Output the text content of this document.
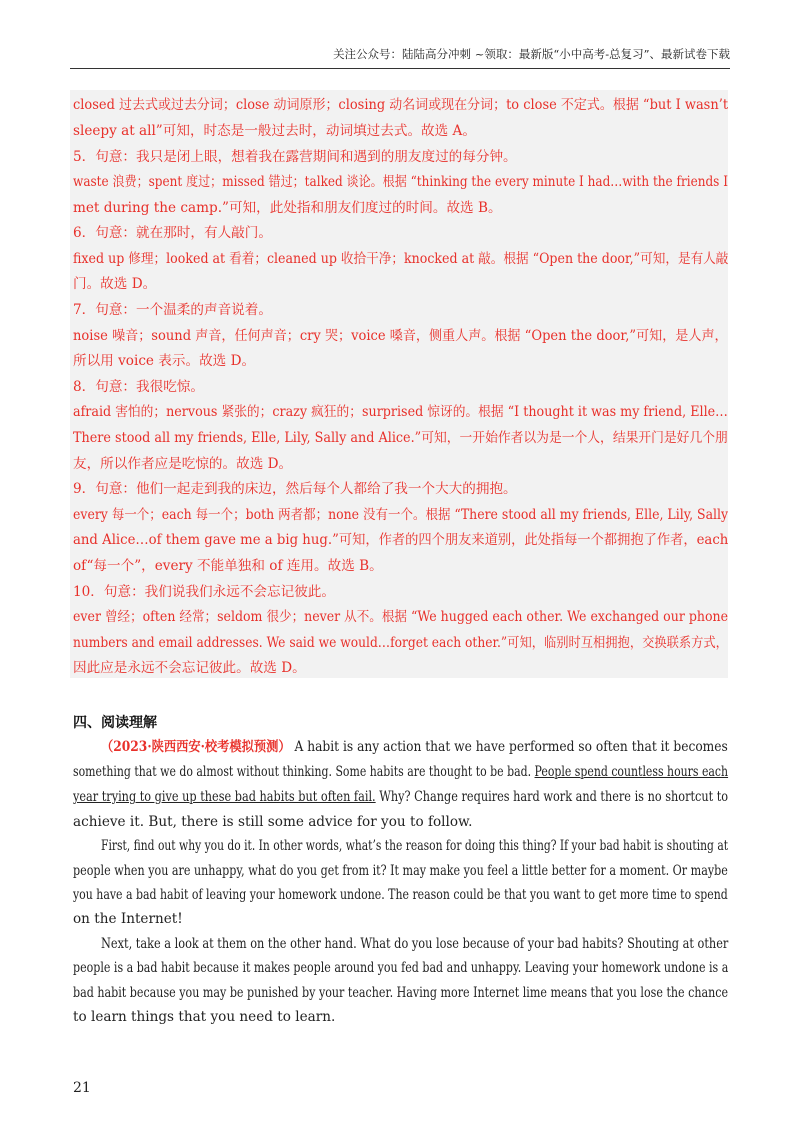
关注公众号：陆陆高分冲刺 ~领取：最新版“小中高考-总复习”、最新试卷下载
closed 过去式或过去分词；close 动词原形；closing 动名词或现在分词；to close 不定式。根据 “but I wasn’t
sleepy at all”可知，时态是一般过去时，动词填过去式。故选 A。
5．句意：我只是闭上眼，想着我在露营期间和遇到的朋友度过的每分钟。
waste 浪费；spent 度过；missed 错过；talked 谈论。根据 “thinking the every minute I had…with the friends I
met during the camp.”可知，此处指和朋友们度过的时间。故选 B。
6．句意：就在那时，有人敲门。
fixed up 修理；looked at 看着；cleaned up 收拾干净；knocked at 敲。根据 “Open the door,”可知，是有人敲
门。故选 D。
7．句意：一个温柔的声音说着。
noise 噪音；sound 声音，任何声音；cry 哭；voice 嗓音，侧重人声。根据 “Open the door,”可知，是人声，
所以用 voice 表示。故选 D。
8．句意：我很吃惊。
afraid 害怕的；nervous 紧张的；crazy 疯狂的；surprised 惊讶的。根据 “I thought it was my friend, Elle…
There stood all my friends, Elle, Lily, Sally and Alice.”可知，一开始作者以为是一个人，结果开门是好几个朋
友，所以作者应是吃惊的。故选 D。
9．句意：他们一起走到我的床边，然后每个人都给了我一个大大的拥抱。
every 每一个；each 每一个；both 两者都；none 没有一个。根据 “There stood all my friends, Elle, Lily, Sally
and Alice…of them gave me a big hug.”可知，作者的四个朋友来道别，此处指每一个都拥抱了作者，each
of“每一个”，every 不能单独和 of 连用。故选 B。
10．句意：我们说我们永远不会忘记彼此。
ever 曾经；often 经常；seldom 很少；never 从不。根据 “We hugged each other. We exchanged our phone
numbers and email addresses. We said we would…forget each other.”可知，临别时互相拥抱，交换联系方式，
因此应是永远不会忘记彼此。故选 D。
四、阅读理解
（2023·陕西西安·校考模拟预测） A habit is any action that we have performed so often that it becomes
something that we do almost without thinking. Some habits are thought to be bad. People spend countless hours each
year trying to give up these bad habits but often fail. Why? Change requires hard work and there is no shortcut to
achieve it. But, there is still some advice for you to follow.
First, find out why you do it. In other words, what’s the reason for doing this thing? If your bad habit is shouting at
people when you are unhappy, what do you get from it? It may make you feel a little better for a moment. Or maybe
you have a bad habit of leaving your homework undone. The reason could be that you want to get more time to spend
on the Internet!
Next, take a look at them on the other hand. What do you lose because of your bad habits? Shouting at other
people is a bad habit because it makes people around you fed bad and unhappy. Leaving your homework undone is a
bad habit because you may be punished by your teacher. Having more Internet lime means that you lose the chance
to learn things that you need to learn.
21
